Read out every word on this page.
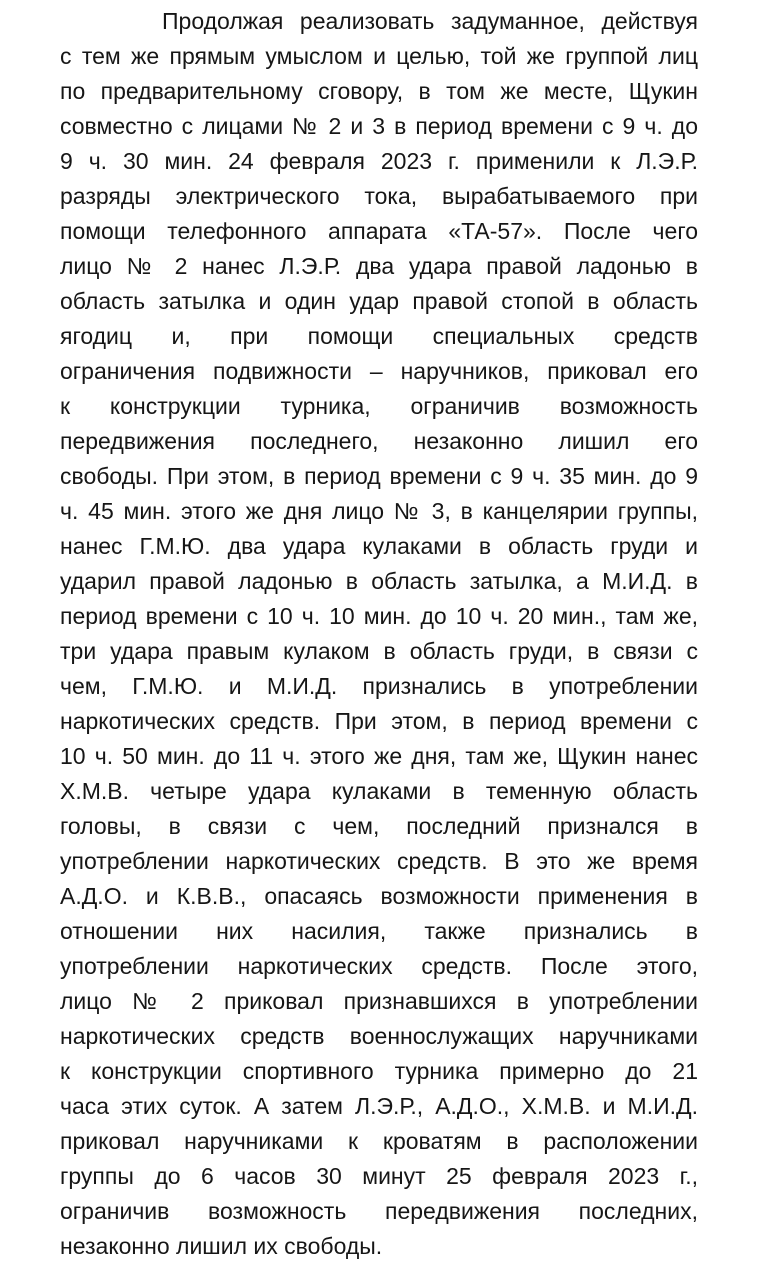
Продолжая реализовать задуманное, действуя
с тем же прямым умыслом и целью, той же группой лиц
по предварительному сговору, в том же месте, Щукин
совместно с лицами № 2 и 3 в период времени с 9 ч. до
9 ч. 30 мин. 24 февраля 2023 г. применили к Л.Э.Р.
разряды электрического тока, вырабатываемого при
помощи телефонного аппарата «ТА-57». После чего
лицо № 2 нанес Л.Э.Р. два удара правой ладонью в
область затылка и один удар правой стопой в область
ягодиц и, при помощи специальных средств
ограничения подвижности – наручников, приковал его
к конструкции турника, ограничив возможность
передвижения последнего, незаконно лишил его
свободы. При этом, в период времени с 9 ч. 35 мин. до 9
ч. 45 мин. этого же дня лицо № 3, в канцелярии группы,
нанес Г.М.Ю. два удара кулаками в область груди и
ударил правой ладонью в область затылка, а М.И.Д. в
период времени с 10 ч. 10 мин. до 10 ч. 20 мин., там же,
три удара правым кулаком в область груди, в связи с
чем, Г.М.Ю. и М.И.Д. признались в употреблении
наркотических средств. При этом, в период времени с
10 ч. 50 мин. до 11 ч. этого же дня, там же, Щукин нанес
Х.М.В. четыре удара кулаками в теменную область
головы, в связи с чем, последний признался в
употреблении наркотических средств. В это же время
А.Д.О. и К.В.В., опасаясь возможности применения в
отношении них насилия, также признались в
употреблении наркотических средств. После этого,
лицо № 2 приковал признавшихся в употреблении
наркотических средств военнослужащих наручниками
к конструкции спортивного турника примерно до 21
часа этих суток. А затем Л.Э.Р., А.Д.О., Х.М.В. и М.И.Д.
приковал наручниками к кроватям в расположении
группы до 6 часов 30 минут 25 февраля 2023 г.,
ограничив возможность передвижения последних,
незаконно лишил их свободы.
